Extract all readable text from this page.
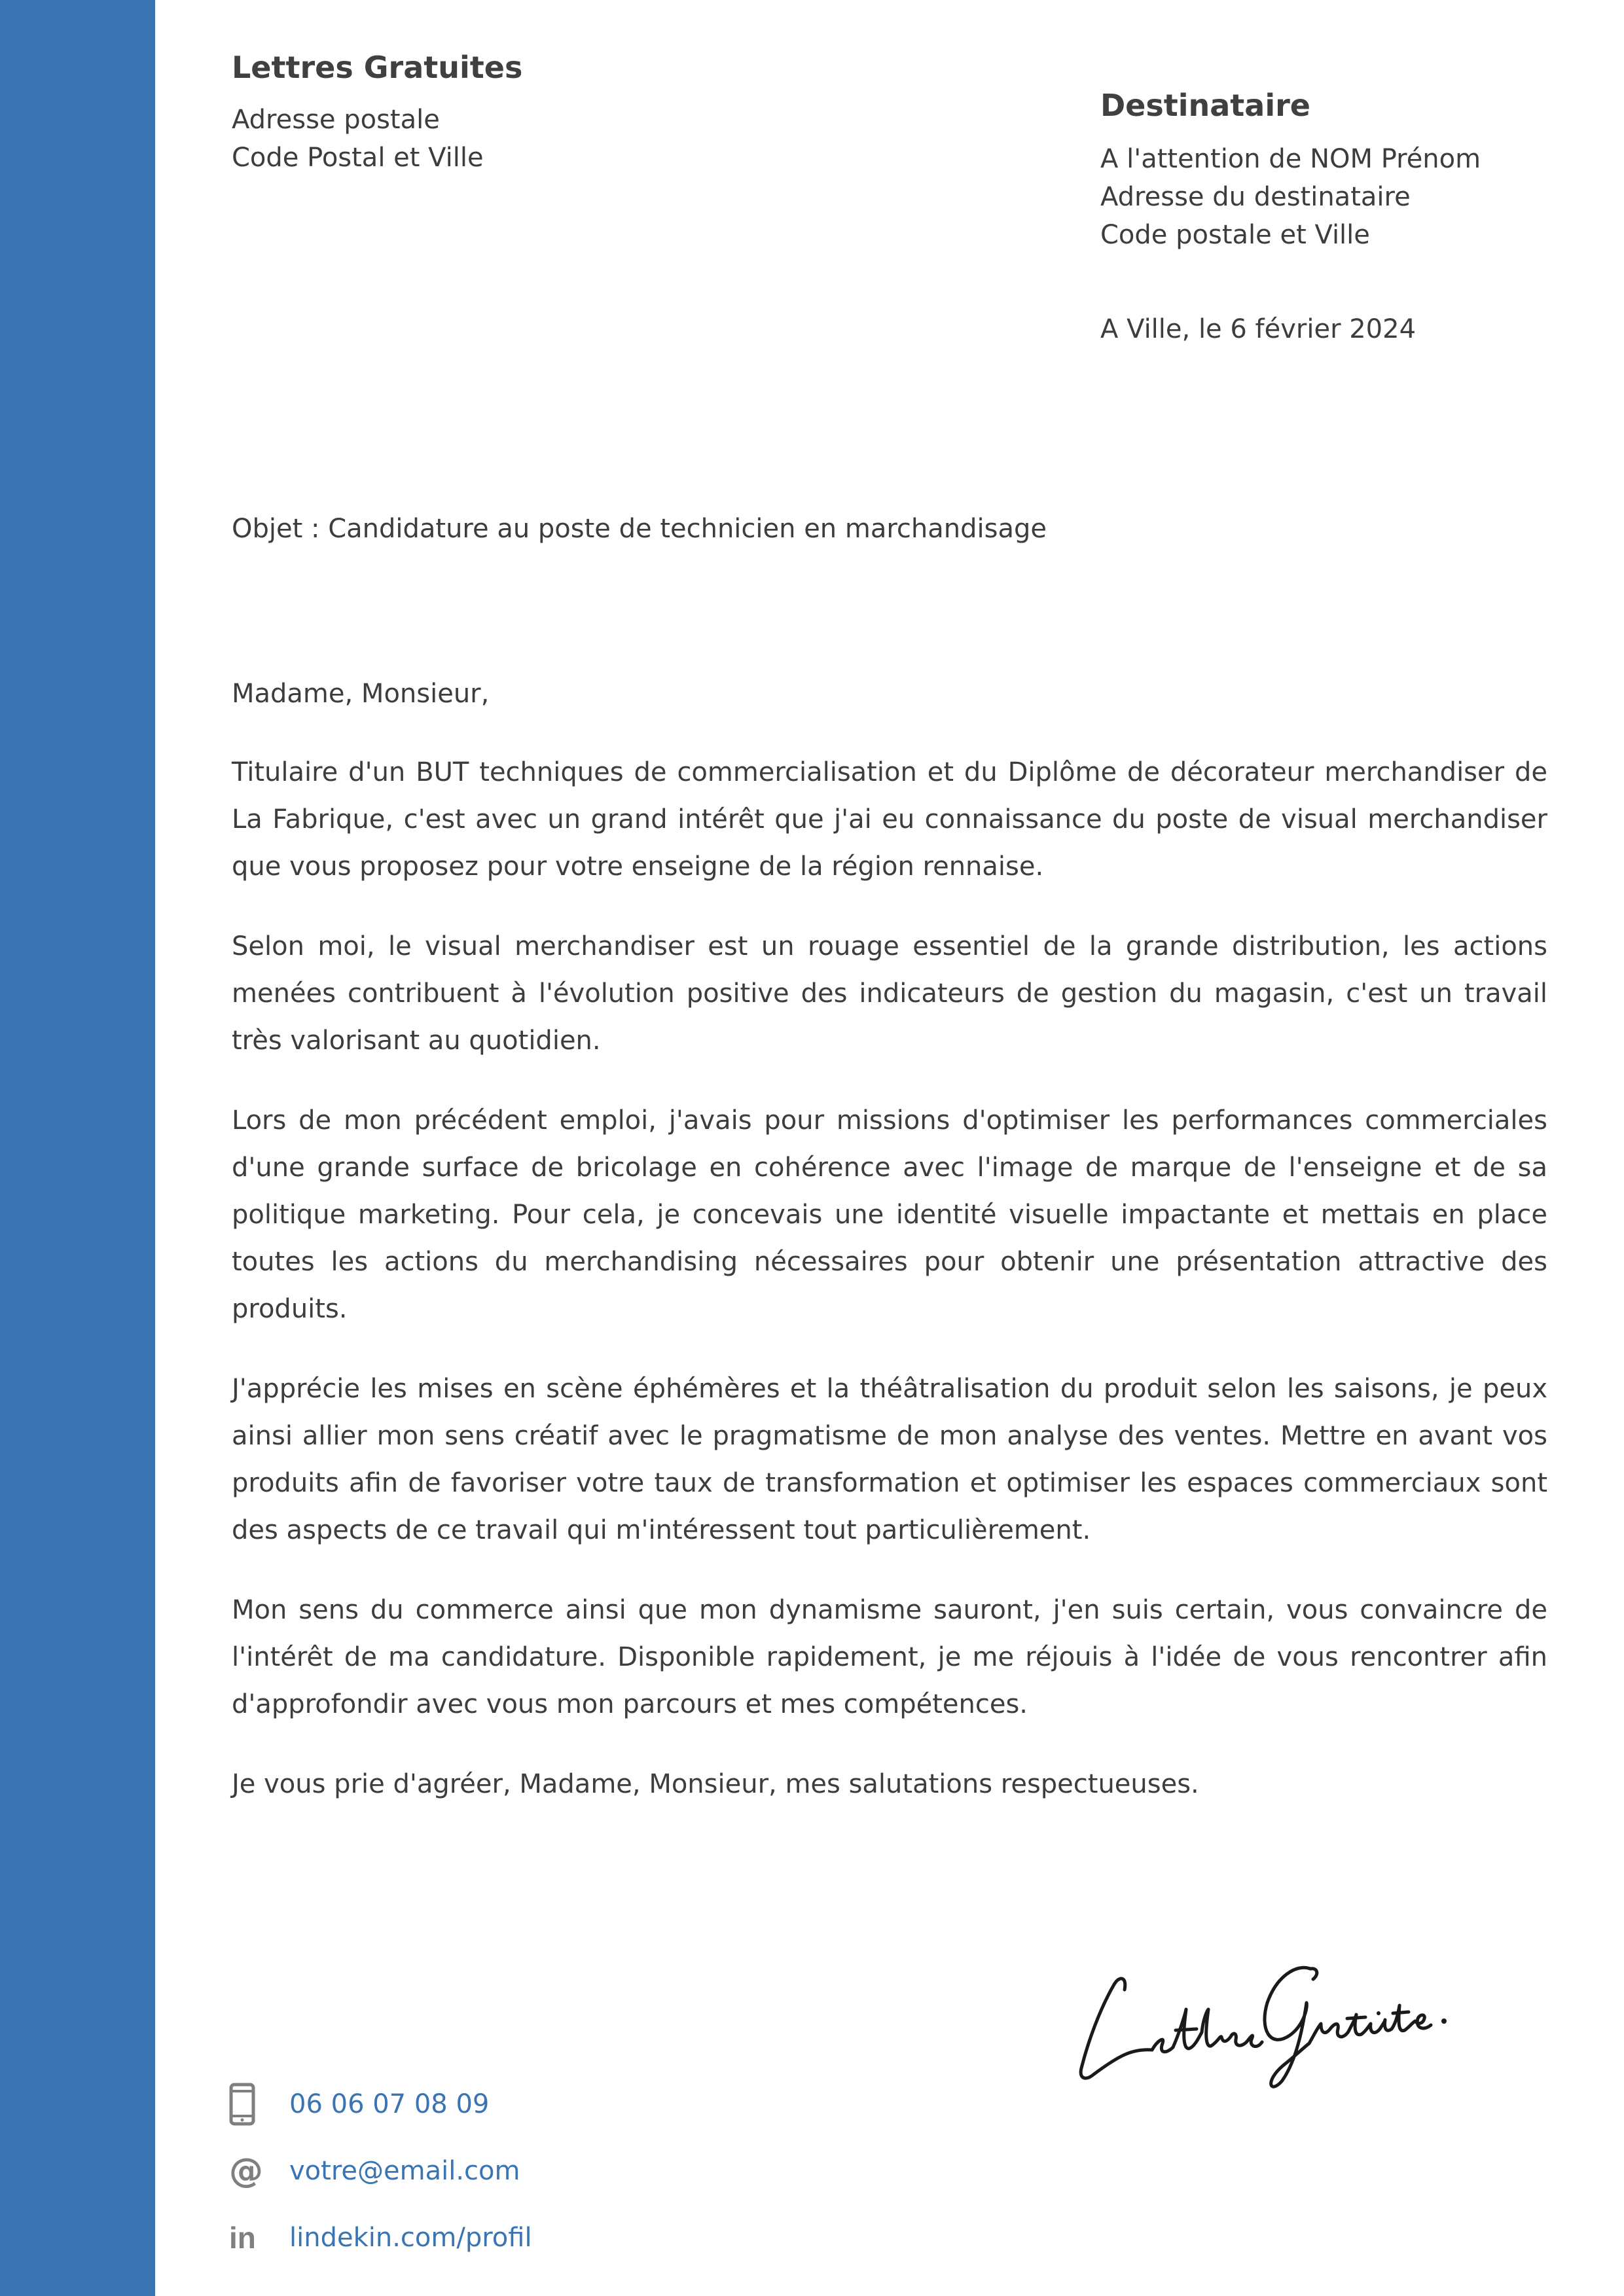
Lettres Gratuites
Adresse postale
Code Postal et Ville
Destinataire
A l'attention de NOM Prénom
Adresse du destinataire
Code postale et Ville
A Ville, le 6 février 2024
Objet : Candidature au poste de technicien en marchandisage

Madame, Monsieur,

Titulaire d'un BUT techniques de commercialisation et du Diplôme de décorateur merchandiser de La Fabrique, c'est avec un grand intérêt que j'ai eu connaissance du poste de visual merchandiser que vous proposez pour votre enseigne de la région rennaise.

Selon moi, le visual merchandiser est un rouage essentiel de la grande distribution, les actions menées contribuent à l'évolution positive des indicateurs de gestion du magasin, c'est un travail très valorisant au quotidien.

Lors de mon précédent emploi, j'avais pour missions d'optimiser les performances commerciales d'une grande surface de bricolage en cohérence avec l'image de marque de l'enseigne et de sa politique marketing. Pour cela, je concevais une identité visuelle impactante et mettais en place toutes les actions du merchandising nécessaires pour obtenir une présentation attractive des produits.

J'apprécie les mises en scène éphémères et la théâtralisation du produit selon les saisons, je peux ainsi allier mon sens créatif avec le pragmatisme de mon analyse des ventes. Mettre en avant vos produits afin de favoriser votre taux de transformation et optimiser les espaces commerciaux sont des aspects de ce travail qui m'intéressent tout particulièrement.

Mon sens du commerce ainsi que mon dynamisme sauront, j'en suis certain, vous convaincre de l'intérêt de ma candidature. Disponible rapidement, je me réjouis à l'idée de vous rencontrer afin d'approfondir avec vous mon parcours et mes compétences.

Je vous prie d'agréer, Madame, Monsieur, mes salutations respectueuses.

06 06 07 08 09
@ votre@email.com
in lindekin.com/profil
